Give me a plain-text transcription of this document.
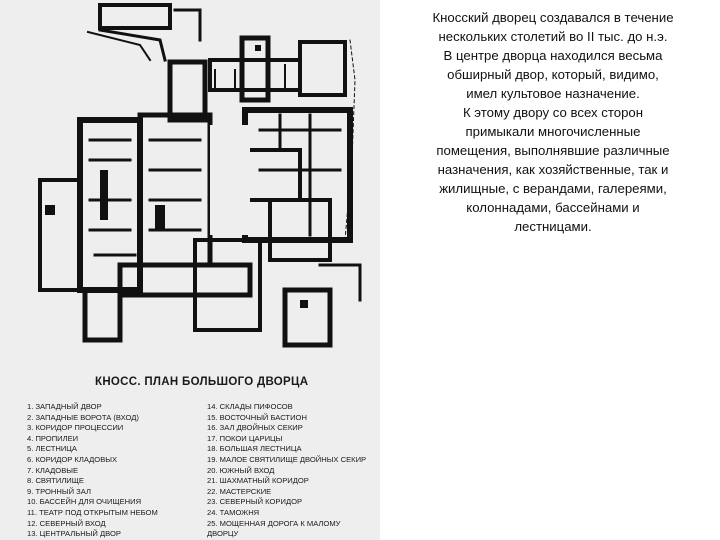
КНОСС. ПЛАН БОЛЬШОГО ДВОРЦА
1. ЗАПАДНЫЙ ДВОР
2. ЗАПАДНЫЕ ВОРОТА (ВХОД)
3. КОРИДОР ПРОЦЕССИИ
4. ПРОПИЛЕИ
5. ЛЕСТНИЦА
6. КОРИДОР КЛАДОВЫХ
7. КЛАДОВЫЕ
8. СВЯТИЛИЩЕ
9. ТРОННЫЙ ЗАЛ
10. БАССЕЙН ДЛЯ ОЧИЩЕНИЯ
11. ТЕАТР ПОД ОТКРЫТЫМ НЕБОМ
12. СЕВЕРНЫЙ ВХОД
13. ЦЕНТРАЛЬНЫЙ ДВОР
14. СКЛАДЫ ПИФОСОВ
15. ВОСТОЧНЫЙ БАСТИОН
16. ЗАЛ ДВОЙНЫХ СЕКИР
17. ПОКОИ ЦАРИЦЫ
18. БОЛЬШАЯ ЛЕСТНИЦА
19. МАЛОЕ СВЯТИЛИЩЕ ДВОЙНЫХ СЕКИР
20. ЮЖНЫЙ ВХОД
21. ШАХМАТНЫЙ КОРИДОР
22. МАСТЕРСКИЕ
23. СЕВЕРНЫЙ КОРИДОР
24. ТАМОЖНЯ
25. МОЩЕННАЯ ДОРОГА К МАЛОМУ
ДВОРЦУ

Кносский дворец создавался в течение

нескольких столетий во II тыс. до н.э.

В центре дворца находился весьма

обширный двор, который, видимо,

имел культовое назначение.

К этому двору со всех сторон

примыкали многочисленные

помещения, выполнявшие различные

назначения, как хозяйственные, так и

жилищные, с верандами, галереями,

колоннадами, бассейнами и

лестницами.
